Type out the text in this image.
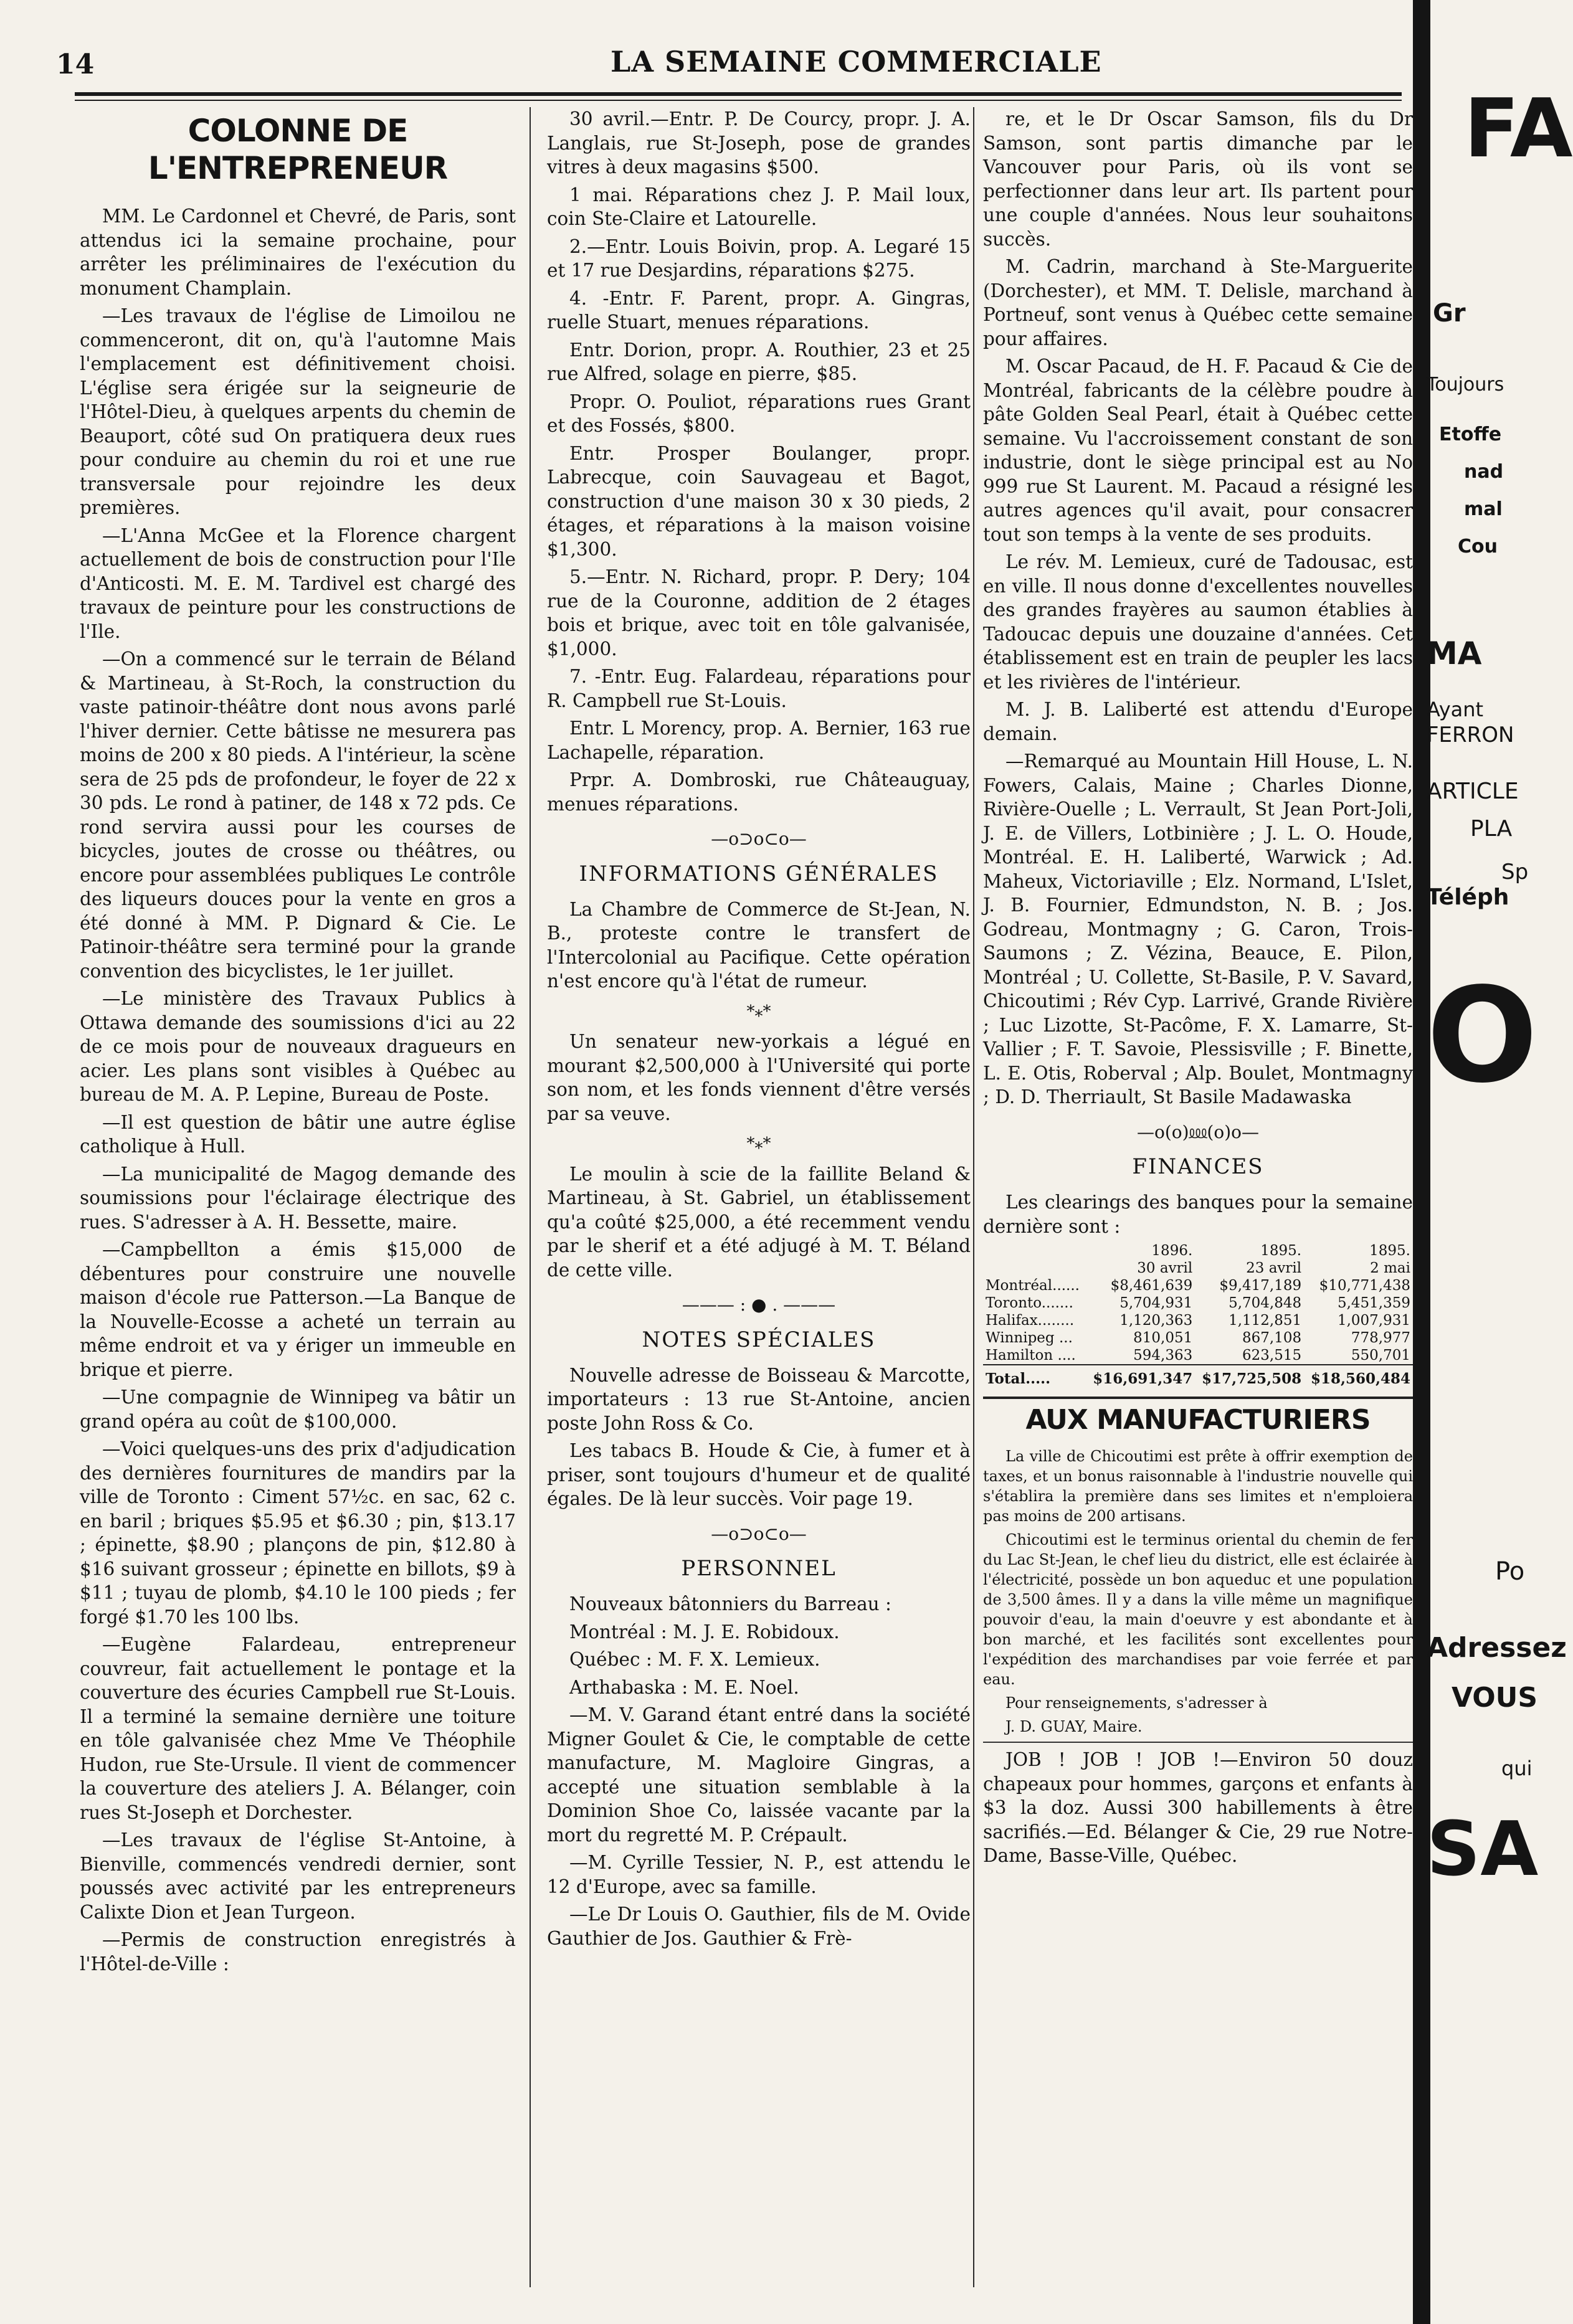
14	LA SEMAINE COMMERCIALE
COLONNE DE L'ENTREPRENEUR

MM. Le Cardonnel et Chevré, de Paris, sont attendus ici la semaine prochaine, pour arrêter les préliminaires de l'exécution du monument Champlain.

—Les travaux de l'église de Limoilou ne commenceront, dit on, qu'à l'automne Mais l'emplacement est définitivement choisi. L'église sera érigée sur la seigneurie de l'Hôtel-Dieu, à quelques arpents du chemin de Beauport, côté sud On pratiquera deux rues pour conduire au chemin du roi et une rue transversale pour rejoindre les deux premières.

—L'Anna McGee et la Florence chargent actuellement de bois de construction pour l'Ile d'Anticosti. M. E. M. Tardivel est chargé des travaux de peinture pour les constructions de l'Ile.

—On a commencé sur le terrain de Béland & Martineau, à St-Roch, la construction du vaste patinoir-théâtre dont nous avons parlé l'hiver dernier. Cette bâtisse ne mesurera pas moins de 200 x 80 pieds. A l'intérieur, la scène sera de 25 pds de profondeur, le foyer de 22 x 30 pds. Le rond à patiner, de 148 x 72 pds. Ce rond servira aussi pour les courses de bicycles, joutes de crosse ou théâtres, ou encore pour assemblées publiques Le contrôle des liqueurs douces pour la vente en gros a été donné à MM. P. Dignard & Cie. Le Patinoir-théâtre sera terminé pour la grande convention des bicyclistes, le 1er juillet.

—Le ministère des Travaux Publics à Ottawa demande des soumissions d'ici au 22 de ce mois pour de nouveaux dragueurs en acier. Les plans sont visibles à Québec au bureau de M. A. P. Lepine, Bureau de Poste.

—Il est question de bâtir une autre église catholique à Hull.

—La municipalité de Magog demande des soumissions pour l'éclairage électrique des rues. S'adresser à A. H. Bessette, maire.

—Campbellton a émis $15,000 de débentures pour construire une nouvelle maison d'école rue Patterson.—La Banque de la Nouvelle-Ecosse a acheté un terrain au même endroit et va y ériger un immeuble en brique et pierre.

—Une compagnie de Winnipeg va bâtir un grand opéra au coût de $100,000.

—Voici quelques-uns des prix d'adjudication des dernières fournitures de mandirs par la ville de Toronto : Ciment 57½c. en sac, 62 c. en baril ; briques $5.95 et $6.30 ; pin, $13.17 ; épinette, $8.90 ; plançons de pin, $12.80 à $16 suivant grosseur ; épinette en billots, $9 à $11 ; tuyau de plomb, $4.10 le 100 pieds ; fer forgé $1.70 les 100 lbs.

—Eugène Falardeau, entrepreneur couvreur, fait actuellement le pontage et la couverture des écuries Campbell rue St-Louis. Il a terminé la semaine dernière une toiture en tôle galvanisée chez Mme Ve Théophile Hudon, rue Ste-Ursule. Il vient de commencer la couverture des ateliers J. A. Bélanger, coin rues St-Joseph et Dorchester.

—Les travaux de l'église St-Antoine, à Bienville, commencés vendredi dernier, sont poussés avec activité par les entrepreneurs Calixte Dion et Jean Turgeon.

—Permis de construction enregistrés à l'Hôtel-de-Ville :

30 avril.—Entr. P. De Courcy, propr. J. A. Langlais, rue St-Joseph, pose de grandes vitres à deux magasins $500.

1 mai. Réparations chez J. P. Mail loux, coin Ste-Claire et Latourelle.

2.—Entr. Louis Boivin, prop. A. Legaré 15 et 17 rue Desjardins, réparations $275.

4. -Entr. F. Parent, propr. A. Gingras, ruelle Stuart, menues réparations.

Entr. Dorion, propr. A. Routhier, 23 et 25 rue Alfred, solage en pierre, $85.

Propr. O. Pouliot, réparations rues Grant et des Fossés, $800.

Entr. Prosper Boulanger, propr. Labrecque, coin Sauvageau et Bagot, construction d'une maison 30 x 30 pieds, 2 étages, et réparations à la maison voisine $1,300.

5.—Entr. N. Richard, propr. P. Dery; 104 rue de la Couronne, addition de 2 étages bois et brique, avec toit en tôle galvanisée, $1,000.

7. -Entr. Eug. Falardeau, réparations pour R. Campbell rue St-Louis.

Entr. L Morency, prop. A. Bernier, 163 rue Lachapelle, réparation.

Prpr. A. Dombroski, rue Châteauguay, menues réparations.

—o⊃o⊂o—
INFORMATIONS GÉNÉRALES

La Chambre de Commerce de St-Jean, N. B., proteste contre le transfert de l'Intercolonial au Pacifique. Cette opération n'est encore qu'à l'état de rumeur.

*⁎*

Un senateur new-yorkais a légué en mourant $2,500,000 à l'Université qui porte son nom, et les fonds viennent d'être versés par sa veuve.

*⁎*

Le moulin à scie de la faillite Beland & Martineau, à St. Gabriel, un établissement qu'a coûté $25,000, a été recemment vendu par le sherif et a été adjugé à M. T. Béland de cette ville.

——— : ● . ———
NOTES SPÉCIALES

Nouvelle adresse de Boisseau & Marcotte, importateurs : 13 rue St-Antoine, ancien poste John Ross & Co.

Les tabacs B. Houde & Cie, à fumer et à priser, sont toujours d'humeur et de qualité égales. De là leur succès. Voir page 19.

—o⊃o⊂o—
PERSONNEL

Nouveaux bâtonniers du Barreau :

Montréal : M. J. E. Robidoux.

Québec : M. F. X. Lemieux.

Arthabaska : M. E. Noel.

—M. V. Garand étant entré dans la société Migner Goulet & Cie, le comptable de cette manufacture, M. Magloire Gingras, a accepté une situation semblable à la Dominion Shoe Co, laissée vacante par la mort du regretté M. P. Crépault.

—M. Cyrille Tessier, N. P., est attendu le 12 d'Europe, avec sa famille.

—Le Dr Louis O. Gauthier, fils de M. Ovide Gauthier de Jos. Gauthier & Frè-

re, et le Dr Oscar Samson, fils du Dr Samson, sont partis dimanche par le Vancouver pour Paris, où ils vont se perfectionner dans leur art. Ils partent pour une couple d'années. Nous leur souhaitons succès.

M. Cadrin, marchand à Ste-Marguerite (Dorchester), et MM. T. Delisle, marchand à Portneuf, sont venus à Québec cette semaine pour affaires.

M. Oscar Pacaud, de H. F. Pacaud & Cie de Montréal, fabricants de la célèbre poudre à pâte Golden Seal Pearl, était à Québec cette semaine. Vu l'accroissement constant de son industrie, dont le siège principal est au No 999 rue St Laurent. M. Pacaud a résigné les autres agences qu'il avait, pour consacrer tout son temps à la vente de ses produits.

Le rév. M. Lemieux, curé de Tadousac, est en ville. Il nous donne d'excellentes nouvelles des grandes frayères au saumon établies à Tadoucac depuis une douzaine d'années. Cet établissement est en train de peupler les lacs et les rivières de l'intérieur.

M. J. B. Laliberté est attendu d'Europe demain.

—Remarqué au Mountain Hill House, L. N. Fowers, Calais, Maine ; Charles Dionne, Rivière-Ouelle ; L. Verrault, St Jean Port-Joli, J. E. de Villers, Lotbinière ; J. L. O. Houde, Montréal. E. H. Laliberté, Warwick ; Ad. Maheux, Victoriaville ; Elz. Normand, L'Islet, J. B. Fournier, Edmundston, N. B. ; Jos. Godreau, Montmagny ; G. Caron, Trois-Saumons ; Z. Vézina, Beauce, E. Pilon, Montréal ; U. Collette, St-Basile, P. V. Savard, Chicoutimi ; Rév Cyp. Larrivé, Grande Rivière ; Luc Lizotte, St-Pacôme, F. X. Lamarre, St-Vallier ; F. T. Savoie, Plessisville ; F. Binette, L. E. Otis, Roberval ; Alp. Boulet, Montmagny ; D. D. Therriault, St Basile Madawaska

—o(o)⅏(o)o—
FINANCES

Les clearings des banques pour la semaine dernière sont :

	1896.	1895.	1895.
	30 avril	23 avril	2 mai
Montréal......	$8,461,639	$9,417,189	$10,771,438
Toronto.......	5,704,931	5,704,848	5,451,359
Halifax........	1,120,363	1,112,851	1,007,931
Winnipeg ...	810,051	867,108	778,977
Hamilton ....	594,363	623,515	550,701
Total.....	$16,691,347	$17,725,508	$18,560,484
AUX MANUFACTURIERS

La ville de Chicoutimi est prête à offrir exemption de taxes, et un bonus raisonnable à l'industrie nouvelle qui s'établira la première dans ses limites et n'emploiera pas moins de 200 artisans.

Chicoutimi est le terminus oriental du chemin de fer du Lac St-Jean, le chef lieu du district, elle est éclairée à l'électricité, possède un bon aqueduc et une population de 3,500 âmes. Il y a dans la ville même un magnifique pouvoir d'eau, la main d'oeuvre y est abondante et à bon marché, et les facilités sont excellentes pour l'expédition des marchandises par voie ferrée et par eau.

Pour renseignements, s'adresser à

J. D. GUAY, Maire.

JOB ! JOB ! JOB !—Environ 50 douz chapeaux pour hommes, garçons et enfants à $3 la doz. Aussi 300 habillements à être sacrifiés.—Ed. Bélanger & Cie, 29 rue Notre-Dame, Basse-Ville, Québec.

FA
Gr
Toujours
Etoffe
nad
mal
Cou
MA
Ayant
FERRON
ARTICLE
PLA
Sp
Téléph
O
Po
Adressez
VOUS
qui
SA
